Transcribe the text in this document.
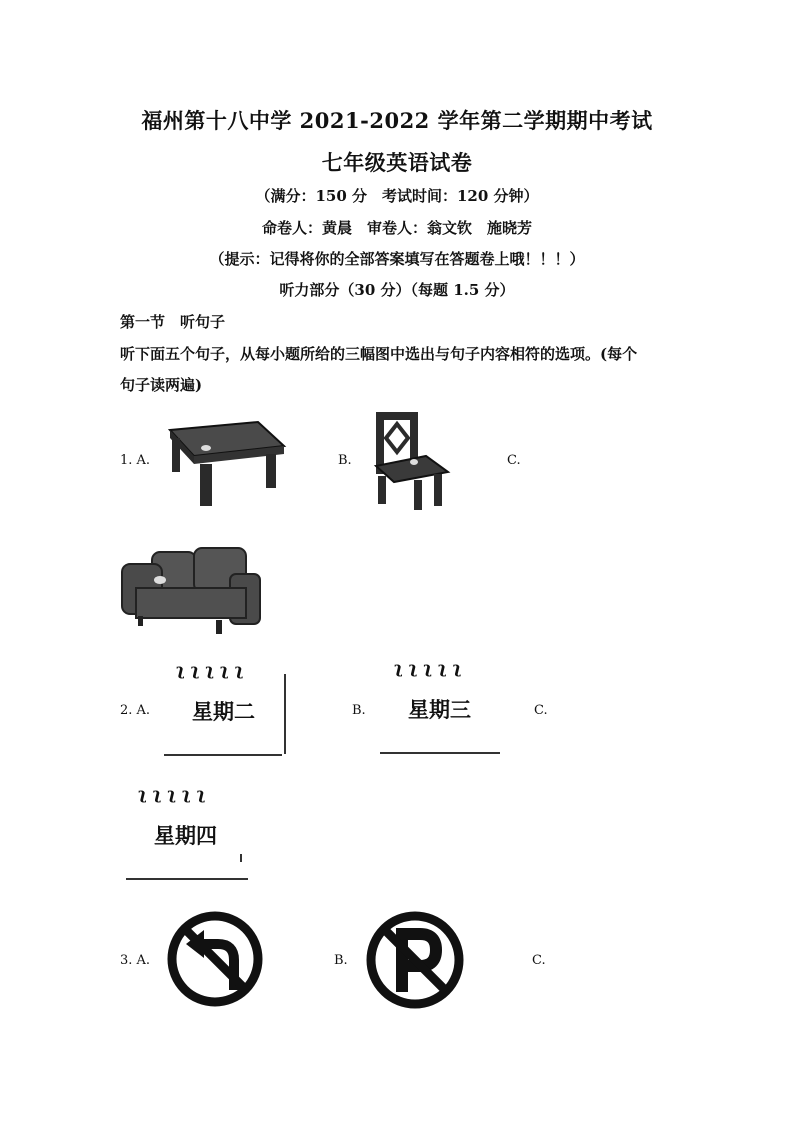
福州第十八中学 2021-2022 学年第二学期期中考试
七年级英语试卷
（满分：150 分　考试时间：120 分钟）
命卷人：黄晨　审卷人：翁文钦　施晓芳
（提示：记得将你的全部答案填写在答题卷上哦！！！）
听力部分（30 分）（每题 1.5 分）
第一节　听句子
听下面五个句子，从每小题所给的三幅图中选出与句子内容相符的选项。(每个
句子读两遍)
1. A.	B.	C.
2. A.
ʅʅʅʅʅ
星期二	B.
ʅʅʅʅʅ
星期三	C.
ʅʅʅʅʅ
星期四
3. A.	B.	C.
